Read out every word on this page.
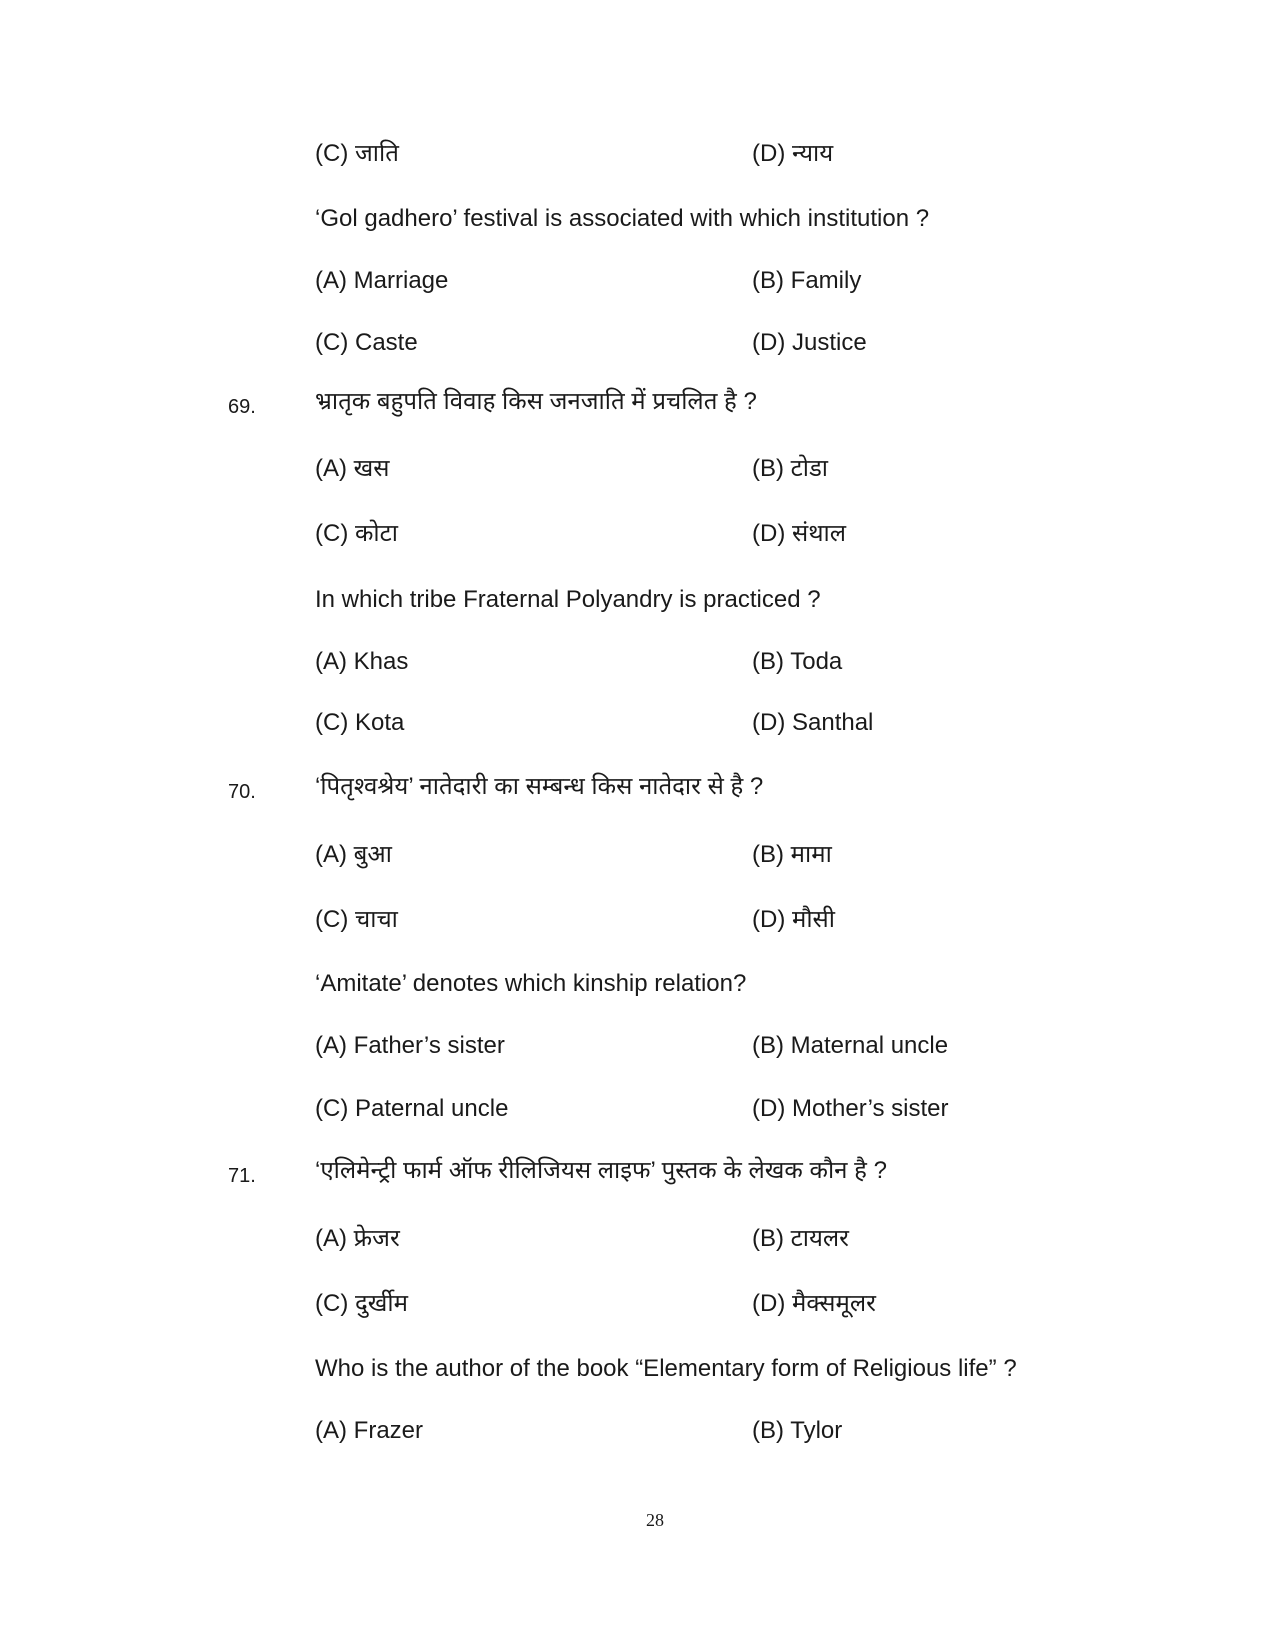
(C) जाति	(D) न्याय
‘Gol gadhero’ festival is associated with which institution ?
(A) Marriage	(B) Family
(C) Caste	(D) Justice
69. भ्रातृक बहुपति विवाह किस जनजाति में प्रचलित है ?
(A) खस	(B) टोडा
(C) कोटा	(D) संथाल
In which tribe Fraternal Polyandry is practiced ?
(A) Khas	(B) Toda
(C) Kota	(D) Santhal
70. ‘पितृश्वश्रेय’ नातेदारी का सम्बन्ध किस नातेदार से है ?
(A) बुआ	(B) मामा
(C) चाचा	(D) मौसी
‘Amitate’ denotes which kinship relation?
(A) Father’s sister	(B) Maternal uncle
(C) Paternal uncle	(D) Mother’s sister
71. ‘एलिमेन्ट्री फार्म ऑफ रीलिजियस लाइफ’ पुस्तक के लेखक कौन है ?
(A) फ्रेजर	(B) टायलर
(C) दुर्खीम	(D) मैक्समूलर
Who is the author of the book “Elementary form of Religious life” ?
(A) Frazer	(B) Tylor
28
